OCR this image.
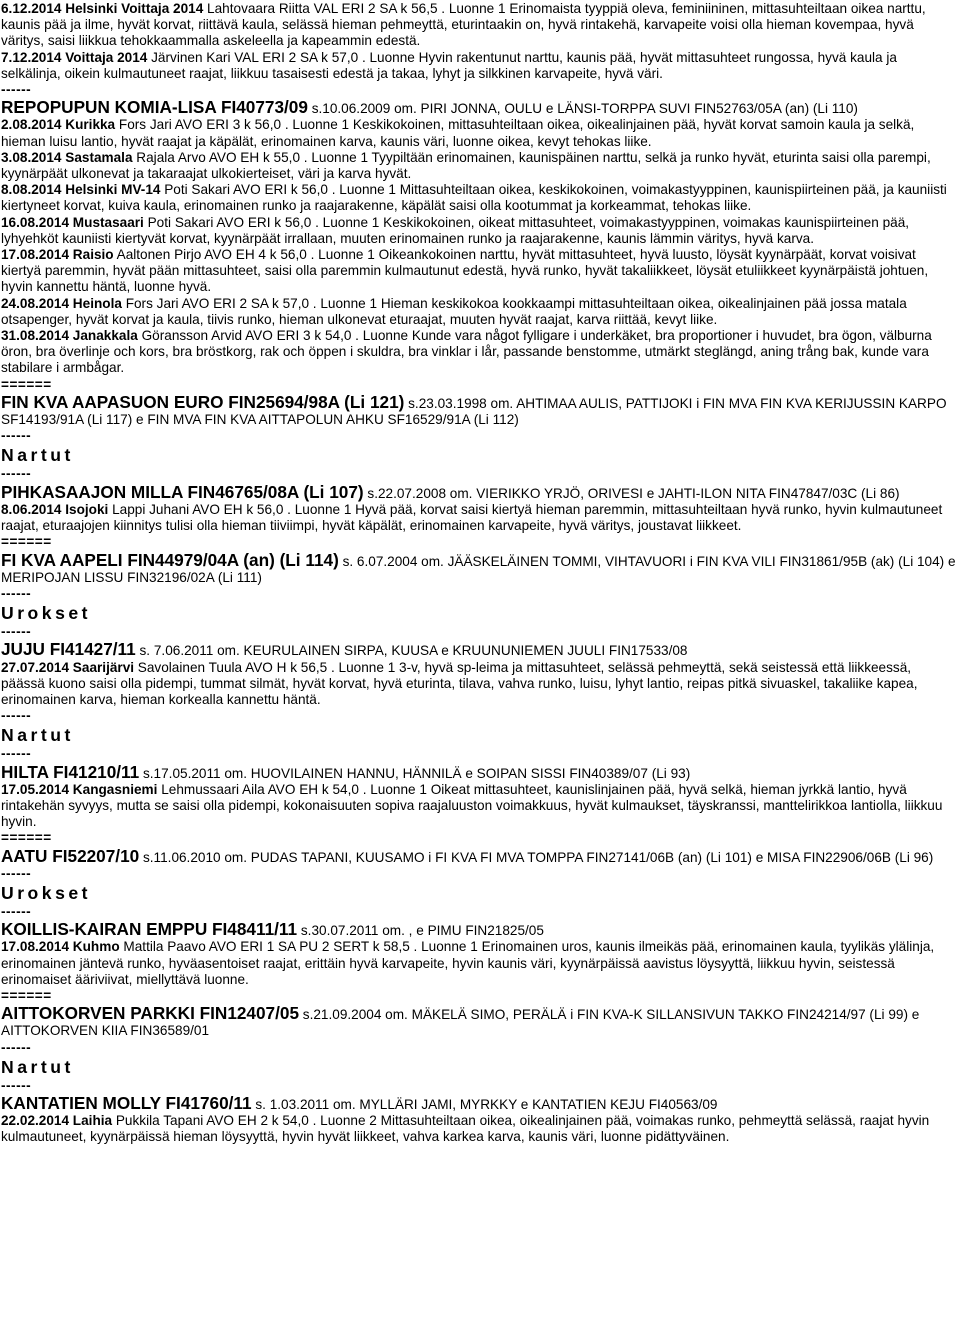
6.12.2014 Helsinki Voittaja 2014 Lahtovaara Riitta VAL ERI 2 SA k 56,5 . Luonne 1 Erinomaista tyyppiä oleva, feminiininen, mittasuhteiltaan oikea narttu, kaunis pää ja ilme, hyvät korvat, riittävä kaula, selässä hieman pehmeyttä, eturintaakin on, hyvä rintakehä, karvapeite voisi olla hieman kovempaa, hyvä väritys, saisi liikkua tehokkaammalla askeleella ja kapeammin edestä.

7.12.2014 Voittaja 2014 Järvinen Kari VAL ERI 2 SA k 57,0 . Luonne Hyvin rakentunut narttu, kaunis pää, hyvät mittasuhteet rungossa, hyvä kaula ja selkälinja, oikein kulmautuneet raajat, liikkuu tasaisesti edestä ja takaa, lyhyt ja silkkinen karvapeite, hyvä väri.

------

REPOPUPUN KOMIA-LISA FI40773/09 s.10.06.2009 om. PIRI JONNA, OULU e LÄNSI-TORPPA SUVI FIN52763/05A (an) (Li 110)

2.08.2014 Kurikka Fors Jari AVO ERI 3 k 56,0 . Luonne 1 Keskikokoinen, mittasuhteiltaan oikea, oikealinjainen pää, hyvät korvat samoin kaula ja selkä, hieman luisu lantio, hyvät raajat ja käpälät, erinomainen karva, kaunis väri, luonne oikea, kevyt tehokas liike.

3.08.2014 Sastamala Rajala Arvo AVO EH k 55,0 . Luonne 1 Tyypiltään erinomainen, kaunispäinen narttu, selkä ja runko hyvät, eturinta saisi olla parempi, kyynärpäät ulkonevat ja takaraajat ulkokierteiset, väri ja karva hyvät.

8.08.2014 Helsinki MV-14 Poti Sakari AVO ERI k 56,0 . Luonne 1 Mittasuhteiltaan oikea, keskikokoinen, voimakastyyppinen, kaunispiirteinen pää, ja kauniisti kiertyneet korvat, kuiva kaula, erinomainen runko ja raajarakenne, käpälät saisi olla kootummat ja korkeammat, tehokas liike.

16.08.2014 Mustasaari Poti Sakari AVO ERI k 56,0 . Luonne 1 Keskikokoinen, oikeat mittasuhteet, voimakastyyppinen, voimakas kaunispiirteinen pää, lyhyehköt kauniisti kiertyvät korvat, kyynärpäät irrallaan, muuten erinomainen runko ja raajarakenne, kaunis lämmin väritys, hyvä karva.

17.08.2014 Raisio Aaltonen Pirjo AVO EH 4 k 56,0 . Luonne 1 Oikeankokoinen narttu, hyvät mittasuhteet, hyvä luusto, löysät kyynärpäät, korvat voisivat kiertyä paremmin, hyvät pään mittasuhteet, saisi olla paremmin kulmautunut edestä, hyvä runko, hyvät takaliikkeet, löysät etuliikkeet kyynärpäistä johtuen, hyvin kannettu häntä, luonne hyvä.

24.08.2014 Heinola Fors Jari AVO ERI 2 SA k 57,0 . Luonne 1 Hieman keskikokoa kookkaampi mittasuhteiltaan oikea, oikealinjainen pää jossa matala otsapenger, hyvät korvat ja kaula, tiivis runko, hieman ulkonevat eturaajat, muuten hyvät raajat, karva riittää, kevyt liike.

31.08.2014 Janakkala Göransson Arvid AVO ERI 3 k 54,0 . Luonne Kunde vara något fylligare i underkäket, bra proportioner i huvudet, bra ögon, välburna öron, bra överlinje och kors, bra bröstkorg, rak och öppen i skuldra, bra vinklar i lår, passande benstomme, utmärkt steglängd, aning trång bak, kunde vara stabilare i armbågar.

======

FIN KVA AAPASUON EURO FIN25694/98A (Li 121) s.23.03.1998 om. AHTIMAA AULIS, PATTIJOKI i FIN MVA FIN KVA KERIJUSSIN KARPO SF14193/91A (Li 117) e FIN MVA FIN KVA AITTAPOLUN AHKU SF16529/91A (Li 112)

------

Nartut

------

PIHKASAAJON MILLA FIN46765/08A (Li 107) s.22.07.2008 om. VIERIKKO YRJÖ, ORIVESI e JAHTI-ILON NITA FIN47847/03C (Li 86)

8.06.2014 Isojoki Lappi Juhani AVO EH k 56,0 . Luonne 1 Hyvä pää, korvat saisi kiertyä hieman paremmin, mittasuhteiltaan hyvä runko, hyvin kulmautuneet raajat, eturaajojen kiinnitys tulisi olla hieman tiiviimpi, hyvät käpälät, erinomainen karvapeite, hyvä väritys, joustavat liikkeet.

======

FI KVA AAPELI FIN44979/04A (an) (Li 114) s. 6.07.2004 om. JÄÄSKELÄINEN TOMMI, VIHTAVUORI i FIN KVA VILI FIN31861/95B (ak) (Li 104) e MERIPOJAN LISSU FIN32196/02A (Li 111)

------

Urokset

------

JUJU FI41427/11 s. 7.06.2011 om. KEURULAINEN SIRPA, KUUSA e KRUUNUNIEMEN JUULI FIN17533/08

27.07.2014 Saarijärvi Savolainen Tuula AVO H k 56,5 . Luonne 1 3-v, hyvä sp-leima ja mittasuhteet, selässä pehmeyttä, sekä seistessä että liikkeessä, päässä kuono saisi olla pidempi, tummat silmät, hyvät korvat, hyvä eturinta, tilava, vahva runko, luisu, lyhyt lantio, reipas pitkä sivuaskel, takaliike kapea, erinomainen karva, hieman korkealla kannettu häntä.

------

Nartut

------

HILTA FI41210/11 s.17.05.2011 om. HUOVILAINEN HANNU, HÄNNILÄ e SOIPAN SISSI FIN40389/07 (Li 93)

17.05.2014 Kangasniemi Lehmussaari Aila AVO EH k 54,0 . Luonne 1 Oikeat mittasuhteet, kaunislinjainen pää, hyvä selkä, hieman jyrkkä lantio, hyvä rintakehän syvyys, mutta se saisi olla pidempi, kokonaisuuten sopiva raajaluuston voimakkuus, hyvät kulmaukset, täyskranssi, manttelirikkoa lantiolla, liikkuu hyvin.

======

AATU FI52207/10 s.11.06.2010 om. PUDAS TAPANI, KUUSAMO i FI KVA FI MVA TOMPPA FIN27141/06B (an) (Li 101) e MISA FIN22906/06B (Li 96)

------

Urokset

------

KOILLIS-KAIRAN EMPPU FI48411/11 s.30.07.2011 om. , e PIMU FIN21825/05

17.08.2014 Kuhmo Mattila Paavo AVO ERI 1 SA PU 2 SERT k 58,5 . Luonne 1 Erinomainen uros, kaunis ilmeikäs pää, erinomainen kaula, tyylikäs ylälinja, erinomainen jäntevä runko, hyväasentoiset raajat, erittäin hyvä karvapeite, hyvin kaunis väri, kyynärpäissä aavistus löysyyttä, liikkuu hyvin, seistessä erinomaiset ääriviivat, miellyttävä luonne.

======

AITTOKORVEN PARKKI FIN12407/05 s.21.09.2004 om. MÄKELÄ SIMO, PERÄLÄ i FIN KVA-K SILLANSIVUN TAKKO FIN24214/97 (Li 99) e AITTOKORVEN KIIA FIN36589/01

------

Nartut

------

KANTATIEN MOLLY FI41760/11 s. 1.03.2011 om. MYLLÄRI JAMI, MYRKKY e KANTATIEN KEJU FI40563/09

22.02.2014 Laihia Pukkila Tapani AVO EH 2 k 54,0 . Luonne 2 Mittasuhteiltaan oikea, oikealinjainen pää, voimakas runko, pehmeyttä selässä, raajat hyvin kulmautuneet, kyynärpäissä hieman löysyyttä, hyvin hyvät liikkeet, vahva karkea karva, kaunis väri, luonne pidättyväinen.
